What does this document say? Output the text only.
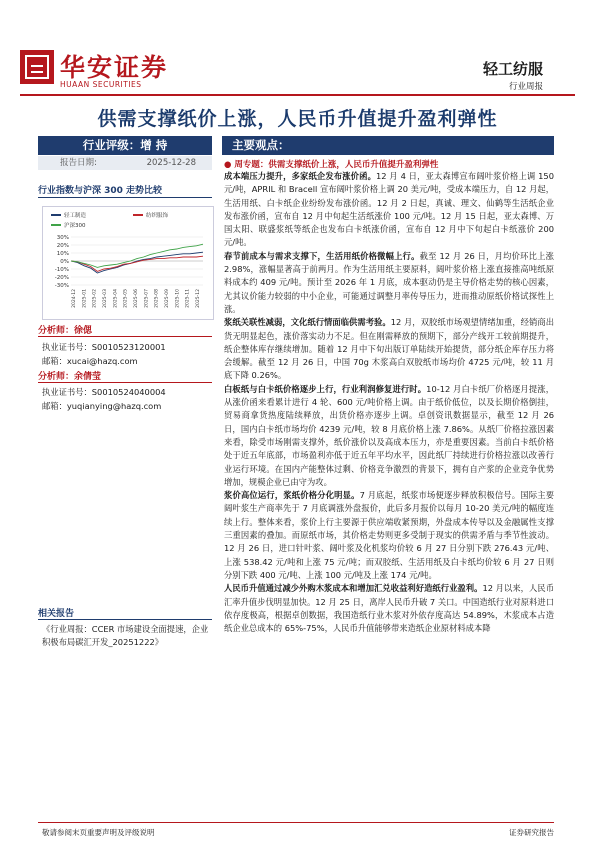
华安证券
HUAAN SECURITIES
轻工纺服
行业周报
供需支撑纸价上涨，人民币升值提升盈利弹性
行业评级：增 持
报告日期:	2025-12-28
行业指数与沪深 300 走势比较
轻工制造	纺织服饰
沪深300
30%
20%
10%
0%
-10%
-20%
-30%
2024-12 2025-01 2025-02 2025-03 2025-04 2025-05 2025-06 2025-07 2025-08 2025-09 2025-10 2025-11 2025-12
分析师：徐偲
执业证书号：S0010523120001
邮箱：xucai@hazq.com
分析师：余倩莹
执业证书号：S0010524040004
邮箱：yuqianying@hazq.com
相关报告
《行业周报：CCER 市场建设全面提速，企业积极布局碳汇开发_20251222》
主要观点：
● 周专题：供需支撑纸价上涨，人民币升值提升盈利弹性

成本端压力提升，多家纸企发布涨价函。12 月 4 日，亚太森博宣布阔叶浆价格上调 150 元/吨，APRIL 和 Bracell 宣布阔叶浆价格上调 20 美元/吨，受成本端压力，自 12 月起，生活用纸、白卡纸企业纷纷发布涨价函。12 月 2 日起，真诚、理文、仙鹤等生活纸企业发布涨价函，宣布自 12 月中旬起生活纸涨价 100 元/吨。12 月 15 日起，亚太森博、万国太阳、联盛浆纸等纸企也发布白卡纸涨价函，宣布自 12 月中下旬起白卡纸涨价 200 元/吨。

春节前成本与需求支撑下，生活用纸价格微幅上行。截至 12 月 26 日，月均价环比上涨 2.98%，涨幅显著高于前两月。作为生活用纸主要原料，阔叶浆价格上涨直接推高吨纸原料成本约 409 元/吨。预计至 2026 年 1 月底，成本驱动仍是主导价格走势的核心因素，尤其议价能力较弱的中小企业，可能通过调整月率传导压力，进而推动原纸价格试探性上涨。

浆纸关联性减弱，文化纸行情面临供需考验。12 月，双胶纸市场观望情绪加重，经销商出货无明显起色，涨价落实动力不足。但在刚需释放的预期下，部分产线开工较前期提升，纸企整体库存继续增加。随着 12 月中下旬出版订单陆续开始提货，部分纸企库存压力将会缓解。截至 12 月 26 日，中国 70g 木浆高白双胶纸市场均价 4725 元/吨，较 11 月底下降 0.26%。

白板纸与白卡纸价格逐步上行，行业利润修复进行时。10-12 月白卡纸厂价格逐月提涨，从涨价函来看累计进行 4 轮、600 元/吨价格上调。由于纸价低位，以及长期价格倒挂，贸易商拿货热度陆续释放，出货价格亦逐步上调。卓创资讯数据显示，截至 12 月 26 日，国内白卡纸市场均价 4239 元/吨，较 8 月底价格上涨 7.86%。从纸厂价格拉涨因素来看，除受市场刚需支撑外，纸价涨价以及高成本压力，亦是重要因素。当前白卡纸价格处于近五年底部，市场盈利亦低于近五年平均水平，因此纸厂持续进行价格拉涨以改善行业运行环境。在国内产能整体过剩、价格竞争激烈的背景下，拥有自产浆的企业竞争优势增加，规模企业已由守为攻。

浆价高位运行，浆纸价格分化明显。7 月底起，纸浆市场便逐步释放积极信号。国际主要阔叶浆生产商率先于 7 月底调涨外盘报价，此后多月报价以每月 10-20 美元/吨的幅度连续上行。整体来看，浆价上行主要源于供应端收紧预期，外盘成本传导以及金融属性支撑三重因素的叠加。而原纸市场，其价格走势则更多受制于现实的供需矛盾与季节性波动。12 月 26 日，进口针叶浆、阔叶浆及化机浆均价较 6 月 27 日分别下跌 276.43 元/吨、上涨 538.42 元/吨和上涨 75 元/吨；而双胶纸、生活用纸及白卡纸均价较 6 月 27 日则分别下跌 400 元/吨、上涨 100 元/吨及上涨 174 元/吨。

人民币升值通过减少外购木浆成本和增加汇兑收益利好造纸行业盈利。12 月以来，人民币汇率升值步伐明显加快。12 月 25 日，离岸人民币升破 7 关口。中国造纸行业对原料进口依存度极高，根据卓创数据，我国造纸行业木浆对外依存度高达 54.89%，木浆成本占造纸企业总成本的 65%-75%，人民币升值能够带来造纸企业原材料成本降

敬请参阅末页重要声明及评级说明	证券研究报告
